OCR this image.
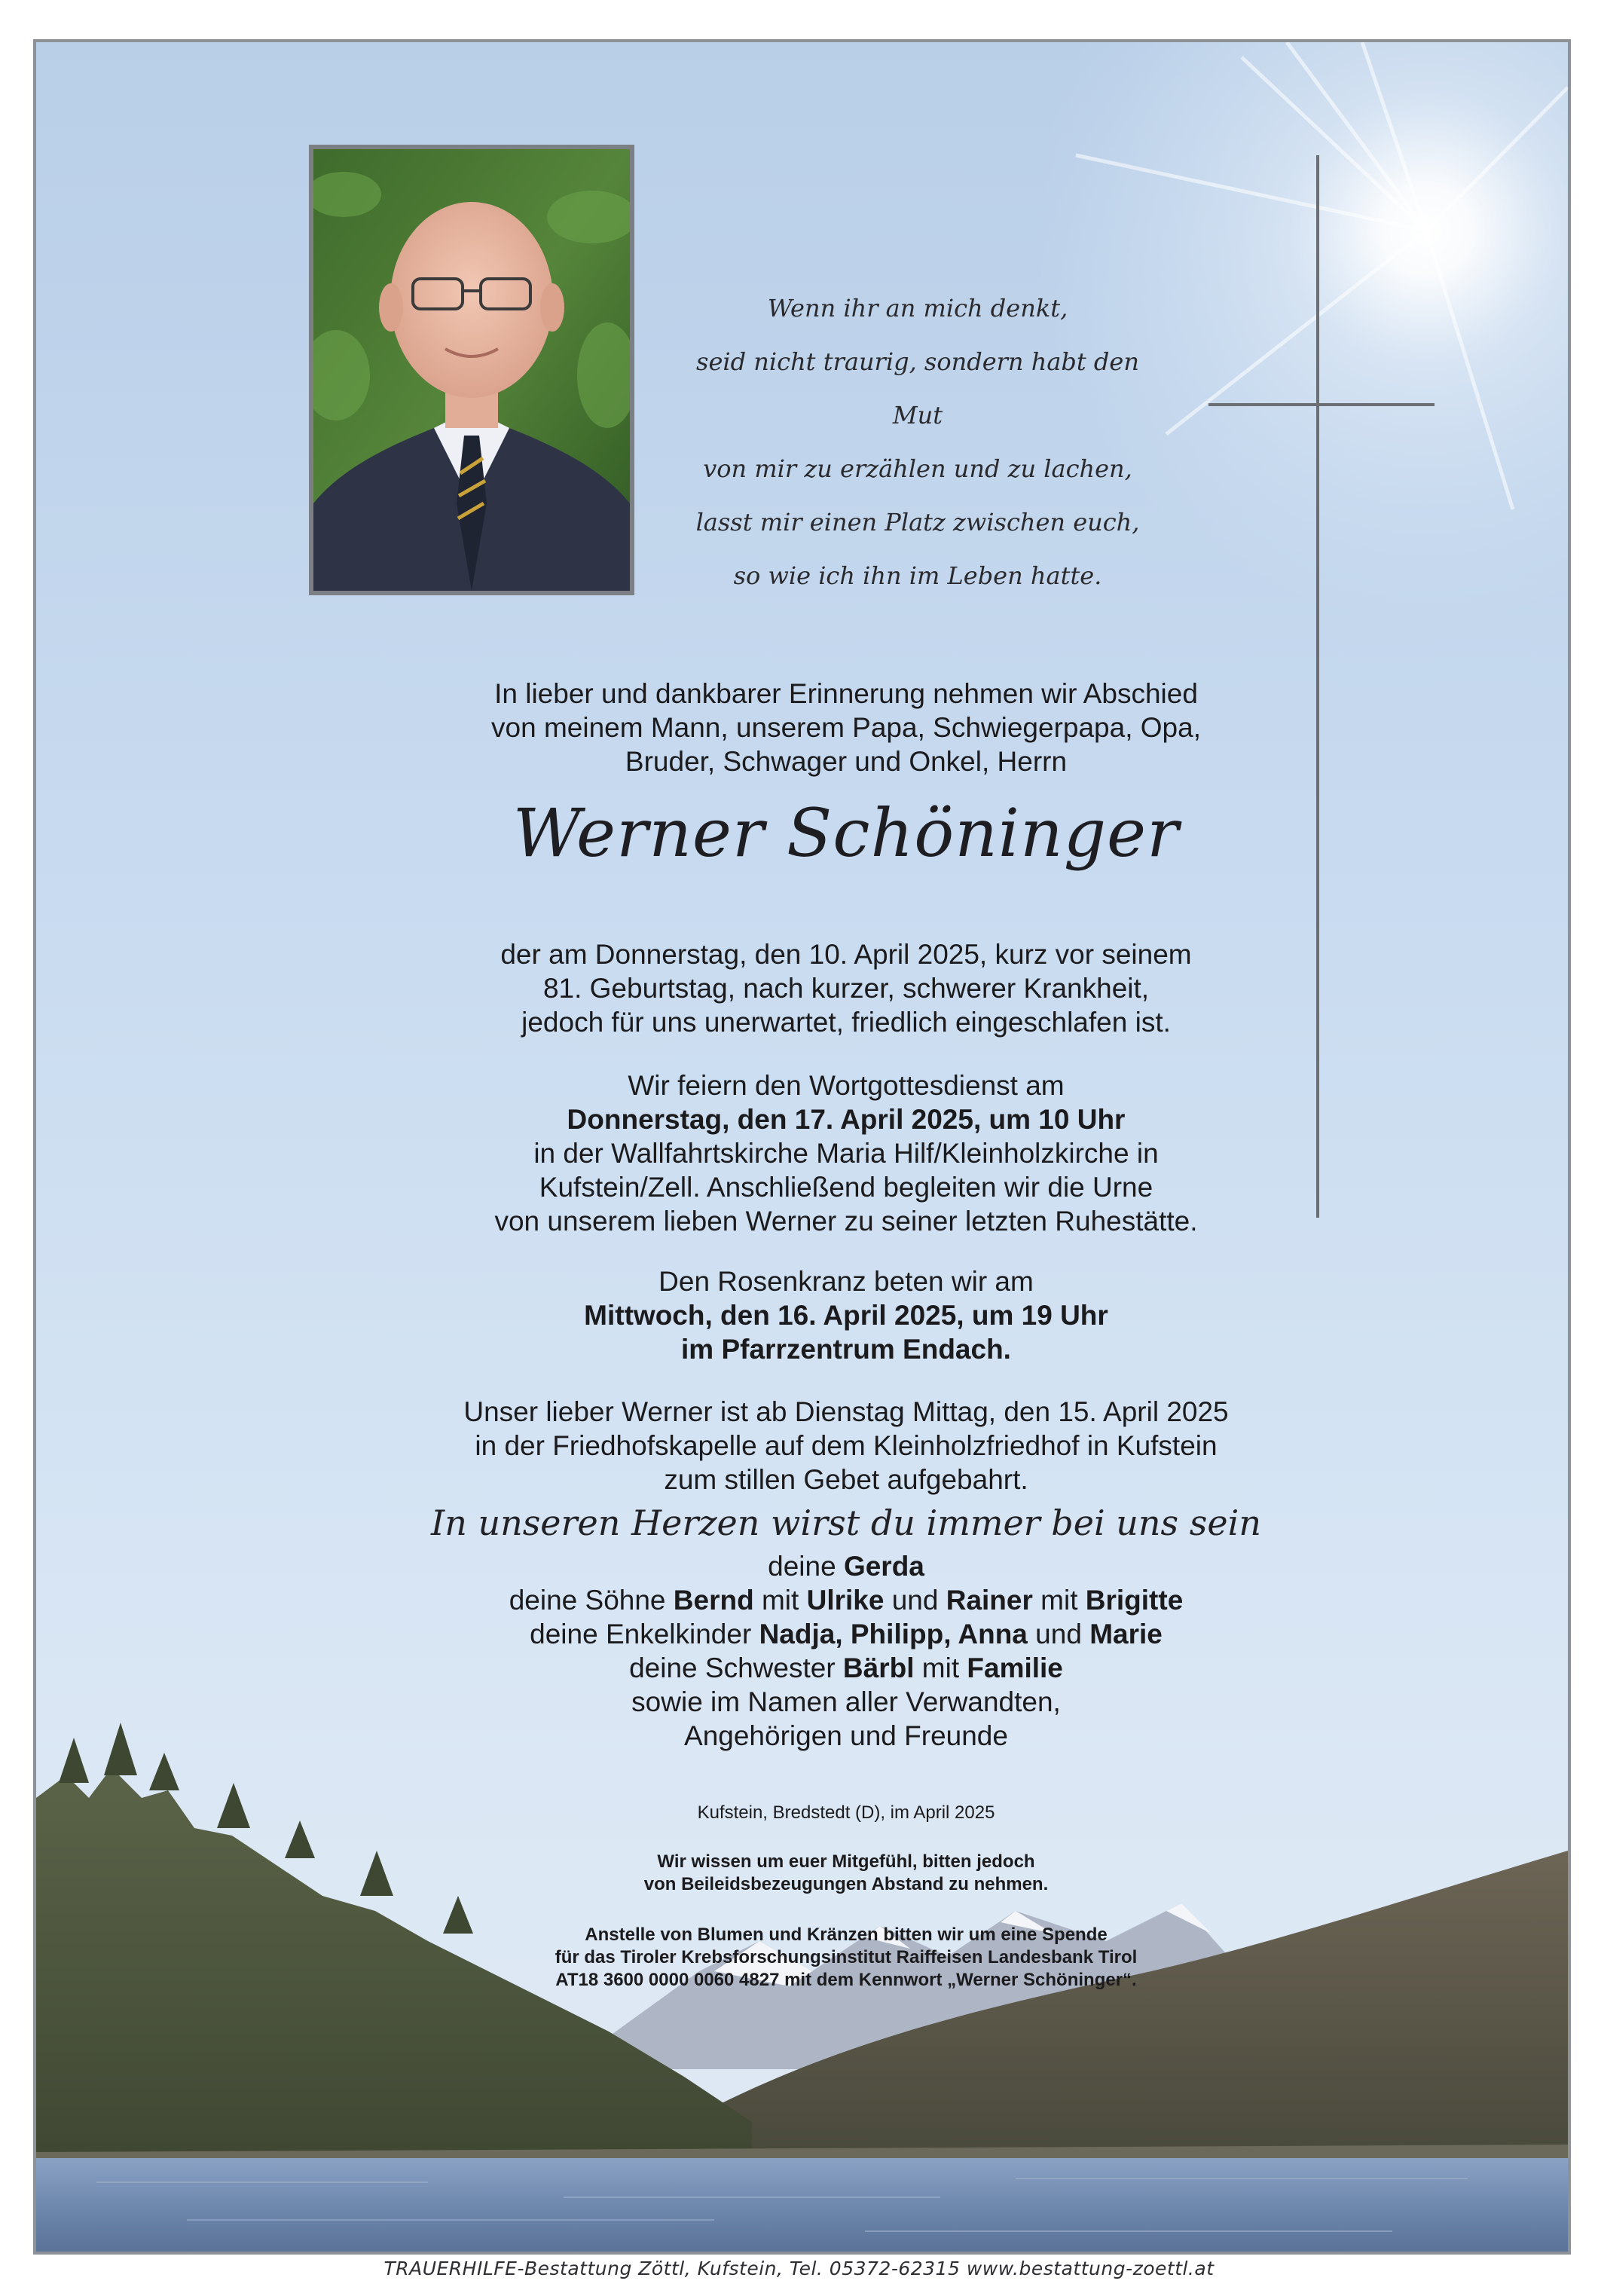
Wenn ihr an mich denkt,
seid nicht traurig, sondern habt den Mut
von mir zu erzählen und zu lachen,
lasst mir einen Platz zwischen euch,
so wie ich ihn im Leben hatte.
In lieber und dankbarer Erinnerung nehmen wir Abschied
von meinem Mann, unserem Papa, Schwiegerpapa, Opa,
Bruder, Schwager und Onkel, Herrn
Werner Schöninger
der am Donnerstag, den 10. April 2025, kurz vor seinem
81. Geburtstag, nach kurzer, schwerer Krankheit,
jedoch für uns unerwartet, friedlich eingeschlafen ist.
Wir feiern den Wortgottesdienst am
Donnerstag, den 17. April 2025, um 10 Uhr
in der Wallfahrtskirche Maria Hilf/Kleinholzkirche in
Kufstein/Zell. Anschließend begleiten wir die Urne
von unserem lieben Werner zu seiner letzten Ruhestätte.
Den Rosenkranz beten wir am
Mittwoch, den 16. April 2025, um 19 Uhr
im Pfarrzentrum Endach.
Unser lieber Werner ist ab Dienstag Mittag, den 15. April 2025
in der Friedhofskapelle auf dem Kleinholzfriedhof in Kufstein
zum stillen Gebet aufgebahrt.
In unseren Herzen wirst du immer bei uns sein
deine Gerda
deine Söhne Bernd mit Ulrike und Rainer mit Brigitte
deine Enkelkinder Nadja, Philipp, Anna und Marie
deine Schwester Bärbl mit Familie
sowie im Namen aller Verwandten,
Angehörigen und Freunde
Kufstein, Bredstedt (D), im April 2025
Wir wissen um euer Mitgefühl, bitten jedoch
von Beileidsbezeugungen Abstand zu nehmen.
Anstelle von Blumen und Kränzen bitten wir um eine Spende
für das Tiroler Krebsforschungsinstitut Raiffeisen Landesbank Tirol
AT18 3600 0000 0060 4827 mit dem Kennwort „Werner Schöninger“.
TRAUERHILFE-Bestattung Zöttl, Kufstein, Tel. 05372-62315 www.bestattung-zoettl.at
